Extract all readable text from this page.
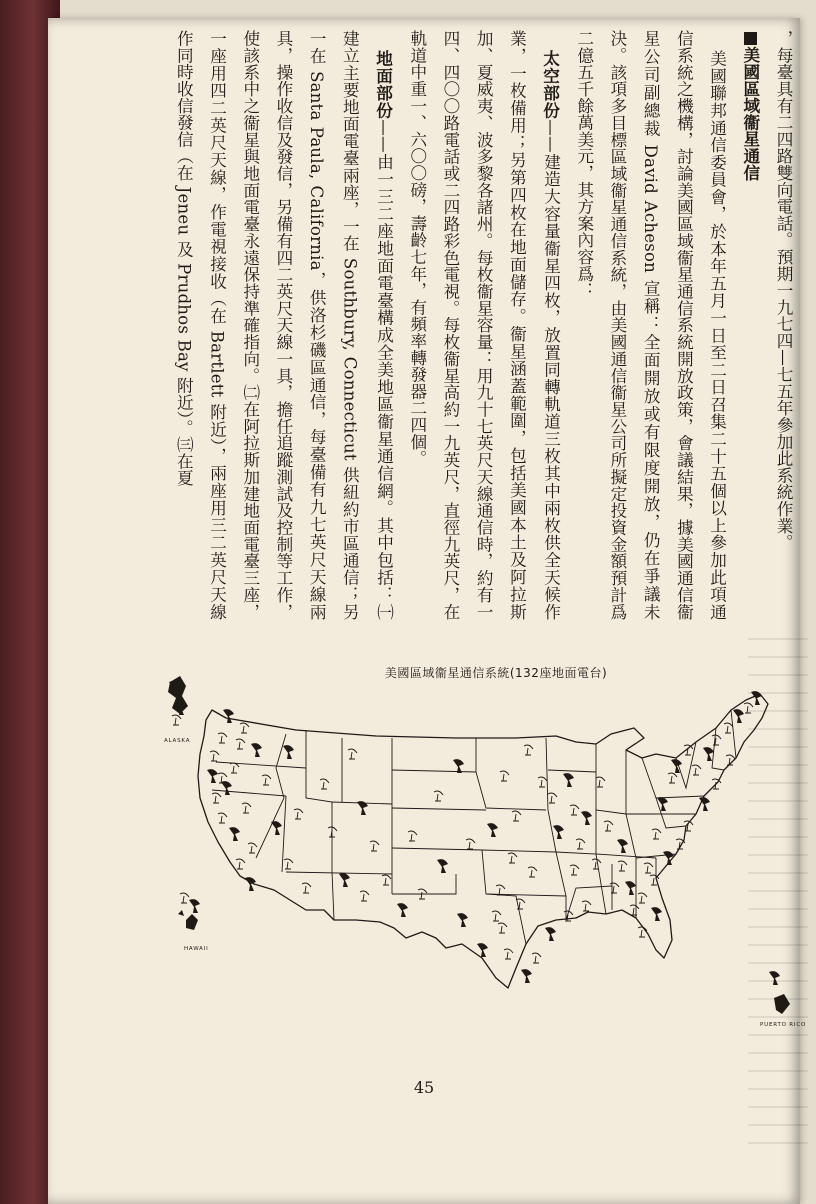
，每臺具有二四路雙向電話。預期一九七四—七五年參加此系統作業。

美國區域衞星通信

美國聯邦通信委員會，於本年五月一日至二日召集二十五個以上參加此項通信系統之機構，討論美國區域衞星通信系統開放政策，會議結果，據美國通信衞星公司副總裁 David Acheson 宣稱：全面開放或有限度開放，仍在爭議未決。該項多目標區域衞星通信系統，由美國通信衞星公司所擬定投資金額預計爲二億五千餘萬美元，其方案內容爲：

太空部份——建造大容量衞星四枚，放置同轉軌道三枚其中兩枚供全天候作業，一枚備用；另第四枚在地面儲存。衞星涵蓋範圍，包括美國本土及阿拉斯加、夏威夷、波多黎各諸州。每枚衞星容量：用九十七英尺天線通信時，約有一四、四〇〇路電話或二四路彩色電視。每枚衞星高約一九英尺，直徑九英尺，在軌道中重一、六〇〇磅，壽齡七年，有頻率轉發器二四個。

地面部份——由一三二座地面電臺構成全美地區衞星通信網。其中包括：㈠建立主要地面電臺兩座，一在 Southbury, Connecticut 供紐約市區通信；另一在 Santa Paula, California，供洛杉磯區通信，每臺備有九七英尺天線兩具，操作收信及發信，另備有四二英尺天線一具，擔任追蹤測試及控制等工作，使該系中之衞星與地面電臺永遠保持準確指向。㈡在阿拉斯加建地面電臺三座，一座用四二英尺天線，作電視接收（在 Bartlett 附近），兩座用三二英尺天線作同時收信發信（在 Jeneu 及 Prudhos Bay 附近）。㈢在夏

美國區域衞星通信系統(132座地面電台)
ALASKA
HAWAII
PUERTO RICO
45
